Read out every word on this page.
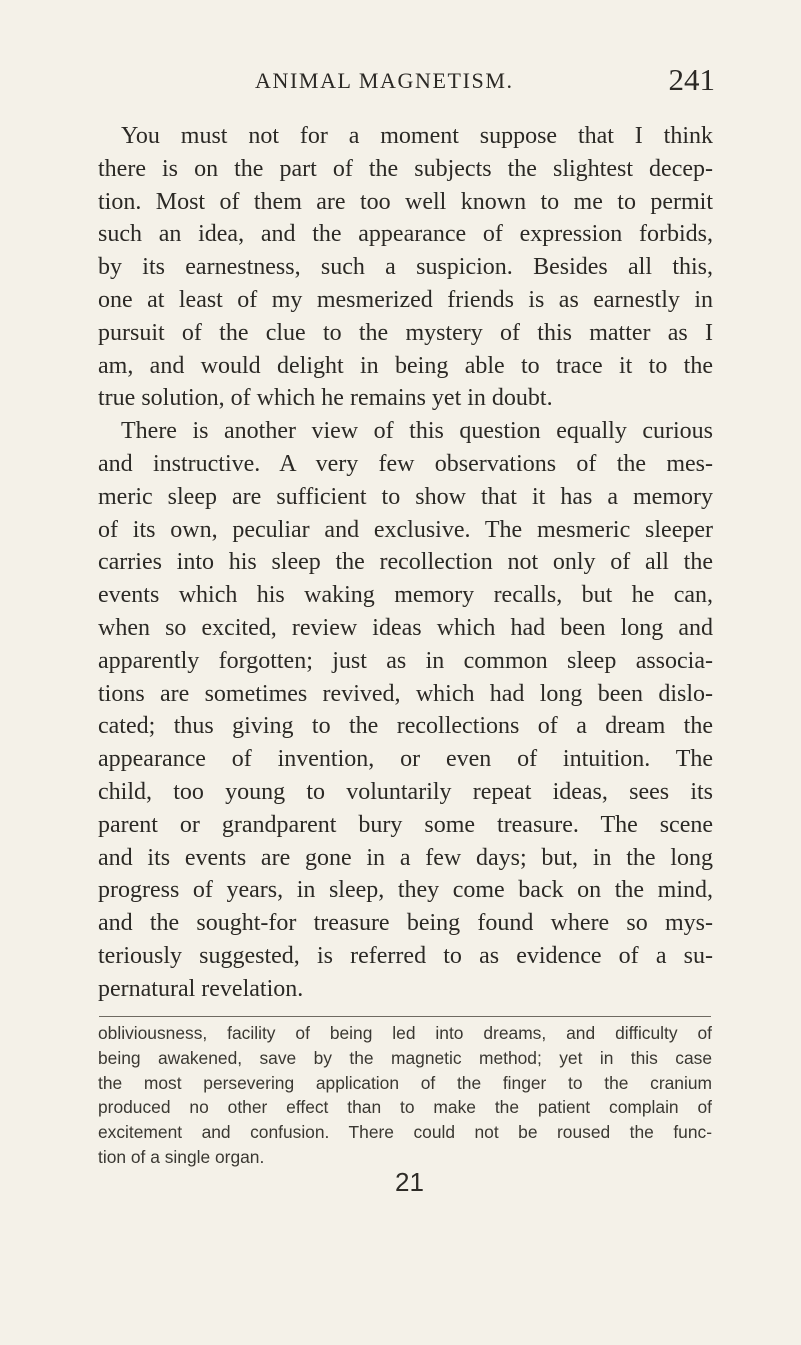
ANIMAL MAGNETISM.	241
You must not for a moment suppose that I think
there is on the part of the subjects the slightest decep-
tion. Most of them are too well known to me to permit
such an idea, and the appearance of expression forbids,
by its earnestness, such a suspicion. Besides all this,
one at least of my mesmerized friends is as earnestly in
pursuit of the clue to the mystery of this matter as I
am, and would delight in being able to trace it to the
true solution, of which he remains yet in doubt.
There is another view of this question equally curious
and instructive. A very few observations of the mes-
meric sleep are sufficient to show that it has a memory
of its own, peculiar and exclusive. The mesmeric sleeper
carries into his sleep the recollection not only of all the
events which his waking memory recalls, but he can,
when so excited, review ideas which had been long and
apparently forgotten; just as in common sleep associa-
tions are sometimes revived, which had long been dislo-
cated; thus giving to the recollections of a dream the
appearance of invention, or even of intuition. The
child, too young to voluntarily repeat ideas, sees its
parent or grandparent bury some treasure. The scene
and its events are gone in a few days; but, in the long
progress of years, in sleep, they come back on the mind,
and the sought-for treasure being found where so mys-
teriously suggested, is referred to as evidence of a su-
pernatural revelation.
obliviousness, facility of being led into dreams, and difficulty of
being awakened, save by the magnetic method; yet in this case
the most persevering application of the finger to the cranium
produced no other effect than to make the patient complain of
excitement and confusion. There could not be roused the func-
tion of a single organ.
21
